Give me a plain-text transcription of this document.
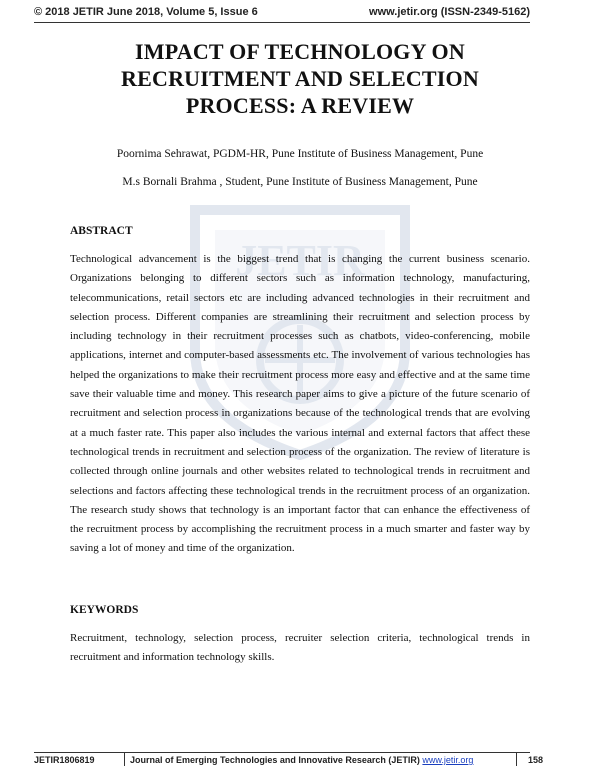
© 2018 JETIR June 2018, Volume 5, Issue 6	www.jetir.org (ISSN-2349-5162)
JETIR
IMPACT OF TECHNOLOGY ON RECRUITMENT AND SELECTION PROCESS: A REVIEW
Poornima Sehrawat, PGDM-HR, Pune Institute of Business Management, Pune
M.s Bornali Brahma , Student, Pune Institute of Business Management, Pune
ABSTRACT

Technological advancement is the biggest trend that is changing the current business scenario. Organizations belonging to different sectors such as information technology, manufacturing, telecommunications, retail sectors etc are including advanced technologies in their recruitment and selection process. Different companies are streamlining their recruitment and selection process by including technology in their recruitment processes such as chatbots, video-conferencing, mobile applications, internet and computer-based assessments etc. The involvement of various technologies has helped the organizations to make their recruitment process more easy and effective and at the same time save their valuable time and money. This research paper aims to give a picture of the future scenario of recruitment and selection process in organizations because of the technological trends that are evolving at a much faster rate. This paper also includes the various internal and external factors that affect these technological trends in recruitment and selection process of the organization. The review of literature is collected through online journals and other websites related to technological trends in recruitment and selections and factors affecting these technological trends in the recruitment process of an organization. The research study shows that technology is an important factor that can enhance the effectiveness of the recruitment process by accomplishing the recruitment process in a much smarter and faster way by saving a lot of money and time of the organization.

KEYWORDS

Recruitment, technology, selection process, recruiter selection criteria, technological trends in recruitment and information technology skills.

JETIR1806819	Journal of Emerging Technologies and Innovative Research (JETIR) www.jetir.org	158
